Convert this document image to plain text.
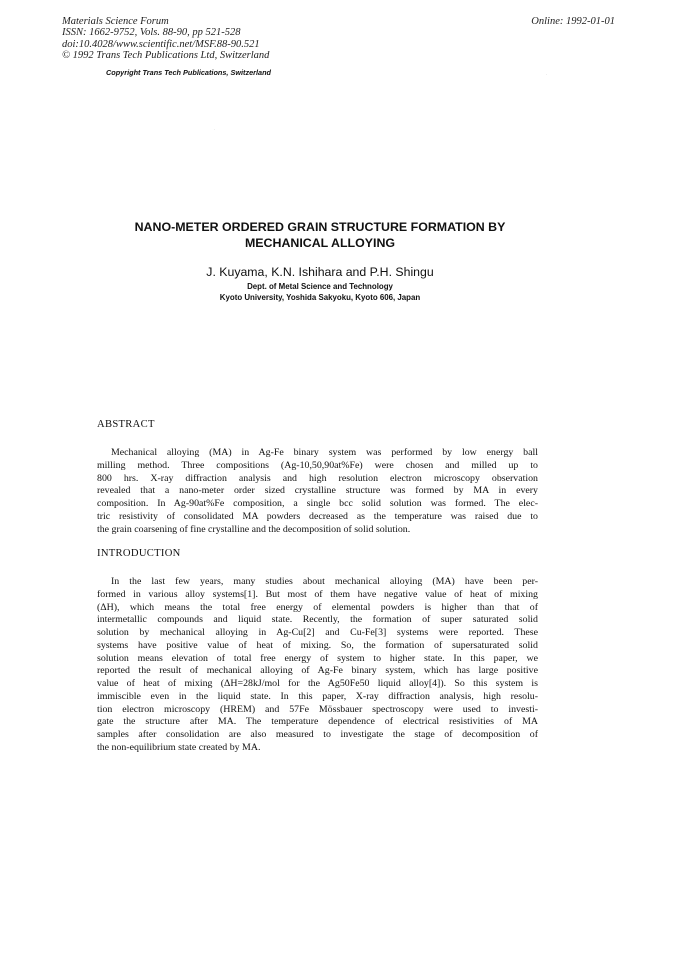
Materials Science Forum
ISSN: 1662-9752, Vols. 88-90, pp 521-528
doi:10.4028/www.scientific.net/MSF.88-90.521
© 1992 Trans Tech Publications Ltd, Switzerland
Online: 1992-01-01
Copyright Trans Tech Publications, Switzerland
.
.
NANO-METER ORDERED GRAIN STRUCTURE FORMATION BY
MECHANICAL ALLOYING
J. Kuyama, K.N. Ishihara and P.H. Shingu
Dept. of Metal Science and Technology
Kyoto University, Yoshida Sakyoku, Kyoto 606, Japan
ABSTRACT
Mechanical alloying (MA) in Ag-Fe binary system was performed by low energy ball
milling method. Three compositions (Ag-10,50,90at%Fe) were chosen and milled up to
800 hrs. X-ray diffraction analysis and high resolution electron microscopy observation
revealed that a nano-meter order sized crystalline structure was formed by MA in every
composition. In Ag-90at%Fe composition, a single bcc solid solution was formed. The elec-
tric resistivity of consolidated MA powders decreased as the temperature was raised due to
the grain coarsening of fine crystalline and the decomposition of solid solution.
INTRODUCTION
In the last few years, many studies about mechanical alloying (MA) have been per-
formed in various alloy systems[1]. But most of them have negative value of heat of mixing
(ΔH), which means the total free energy of elemental powders is higher than that of
intermetallic compounds and liquid state. Recently, the formation of super saturated solid
solution by mechanical alloying in Ag-Cu[2] and Cu-Fe[3] systems were reported. These
systems have positive value of heat of mixing. So, the formation of supersaturated solid
solution means elevation of total free energy of system to higher state. In this paper, we
reported the result of mechanical alloying of Ag-Fe binary system, which has large positive
value of heat of mixing (ΔH=28kJ/mol for the Ag50Fe50 liquid alloy[4]). So this system is
immiscible even in the liquid state. In this paper, X-ray diffraction analysis, high resolu-
tion electron microscopy (HREM) and 57Fe Mössbauer spectroscopy were used to investi-
gate the structure after MA. The temperature dependence of electrical resistivities of MA
samples after consolidation are also measured to investigate the stage of decomposition of
the non-equilibrium state created by MA.
